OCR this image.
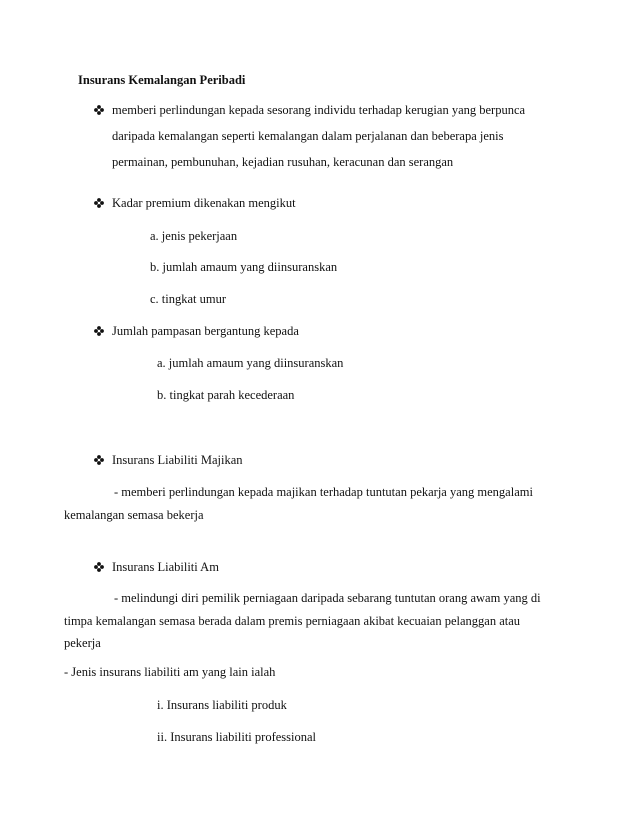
Insurans Kemalangan Peribadi
memberi perlindungan kepada sesorang individu terhadap kerugian yang berpunca
daripada kemalangan seperti kemalangan dalam perjalanan dan beberapa jenis
permainan, pembunuhan, kejadian rusuhan, keracunan dan serangan
Kadar premium dikenakan mengikut
a. jenis pekerjaan
b. jumlah amaum yang diinsuranskan
c. tingkat umur
Jumlah pampasan bergantung kepada
a. jumlah amaum yang diinsuranskan
b. tingkat parah kecederaan
Insurans Liabiliti Majikan
- memberi perlindungan kepada majikan terhadap tuntutan pekarja yang mengalami
kemalangan semasa bekerja
Insurans Liabiliti Am
- melindungi diri pemilik perniagaan daripada sebarang tuntutan orang awam yang di
timpa kemalangan semasa berada dalam premis perniagaan akibat kecuaian pelanggan atau
pekerja
- Jenis insurans liabiliti am yang lain ialah
i. Insurans liabiliti produk
ii. Insurans liabiliti professional
